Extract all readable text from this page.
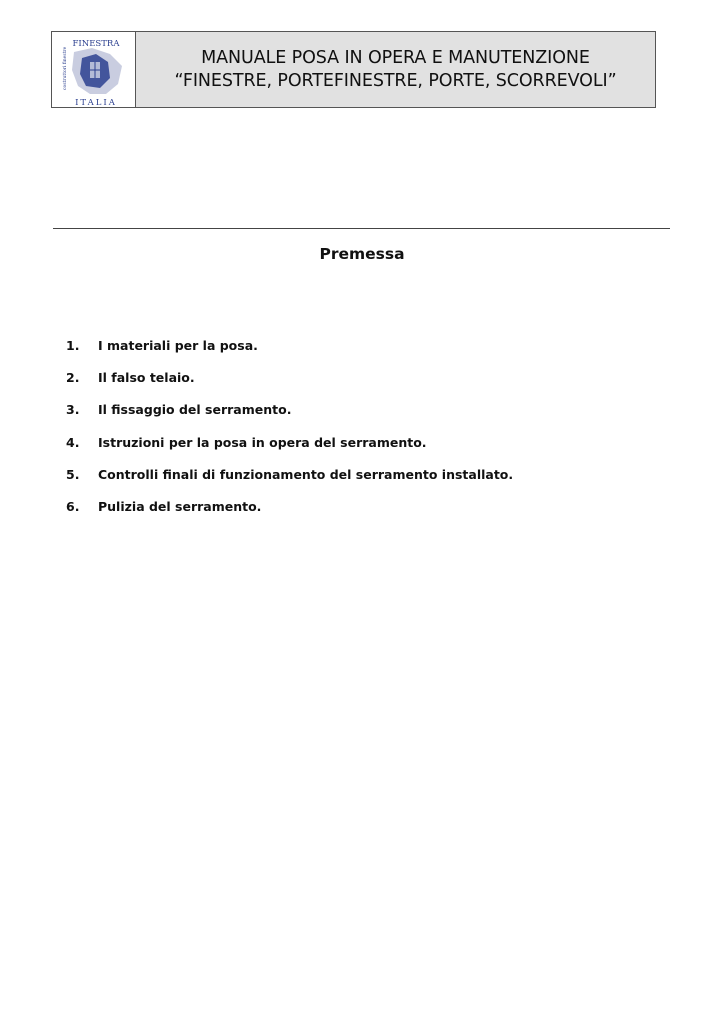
FINESTRA
costruttori finestre
ITALIA
MANUALE POSA IN OPERA E MANUTENZIONE
“FINESTRE, PORTEFINESTRE, PORTE, SCORREVOLI”
Premessa
1.	I materiali per la posa.
2.	Il falso telaio.
3.	Il fissaggio del serramento.
4.	Istruzioni per la posa in opera del serramento.
5.	Controlli finali di funzionamento del serramento installato.
6.	Pulizia del serramento.
